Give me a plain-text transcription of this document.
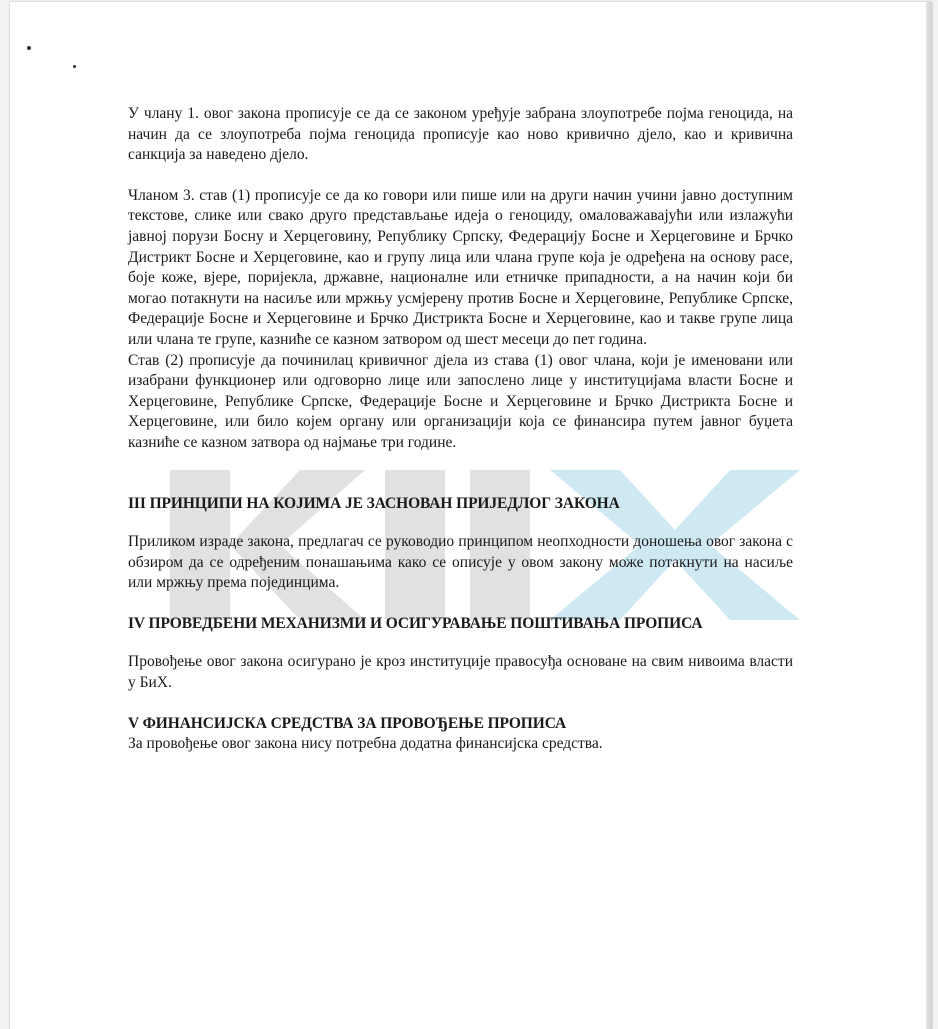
У члану 1. овог закона прописује се да се законом уређује забрана злоупотребе појма геноцида, на начин да се злоупотреба појма геноцида прописује као ново кривично дјело, као и кривична санкција за наведено дјело.

Чланом 3. став (1) прописује се да ко говори или пише или на други начин учини јавно доступним текстове, слике или свако друго представљање идеја о геноциду, омаловажавајући или излажући јавној порузи Босну и Херцеговину, Републику Српску, Федерацију Босне и Херцеговине и Брчко Дистрикт Босне и Херцеговине, као и групу лица или члана групе која је одређена на основу расе, боје коже, вјере, поријекла, државне, националне или етничке припадности, а на начин који би могао потакнути на насиље или мржњу усмјерену против Босне и Херцеговине, Републике Српске, Федерације Босне и Херцеговине и Брчко Дистрикта Босне и Херцеговине, као и такве групе лица или члана те групе, казниће се казном затвором од шест месеци до пет година.

Став (2) прописује да починилац кривичног дјела из става (1) овог члана, који је именовани или изабрани функционер или одговорно лице или запослено лице у институцијама власти Босне и Херцеговине, Републике Српске, Федерације Босне и Херцеговине и Брчко Дистрикта Босне и Херцеговине, или било којем органу или организацији која се финансира путем јавног буџета казниће се казном затвора од најмање три године.

III ПРИНЦИПИ НА КОЈИМА ЈЕ ЗАСНОВАН ПРИЈЕДЛОГ ЗАКОНА

Приликом израде закона, предлагач се руководио принципом неопходности доношења овог закона с обзиром да се одређеним понашањима како се описује у овом закону може потакнути на насиље или мржњу према појединцима.

IV ПРОВЕДБЕНИ МЕХАНИЗМИ И ОСИГУРАВАЊЕ ПОШТИВАЊА ПРОПИСА

Провођење овог закона осигурано је кроз институције правосуђа основане на свим нивоима власти у БиХ.

V ФИНАНСИЈСКА СРЕДСТВА ЗА ПРОВОЂЕЊЕ ПРОПИСА

За провођење овог закона нису потребна додатна финансијска средства.
